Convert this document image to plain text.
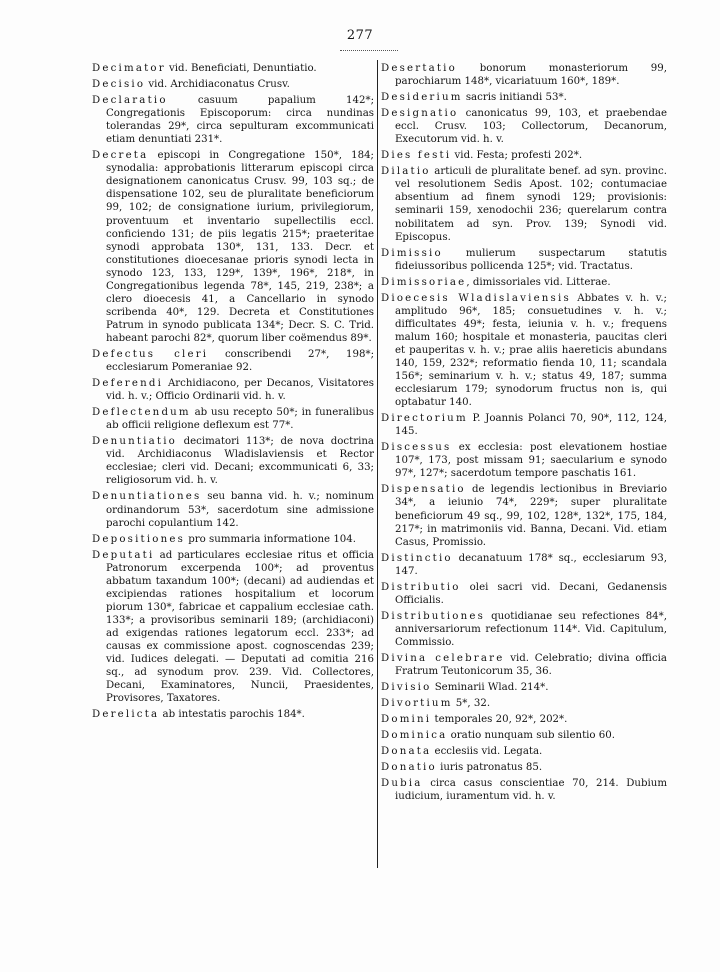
277

Decimator vid. Beneficiati, Denuntiatio.

Decisio vid. Archidiaconatus Crusv.

Declaratio casuum papalium 142*; Congregationis Episcoporum: circa nundinas tolerandas 29*, circa sepulturam excommunicati etiam denuntiati 231*.

Decreta episcopi in Congregatione 150*, 184; synodalia: approbationis litterarum episcopi circa designationem canonicatus Crusv. 99, 103 sq.; de dispensatione 102, seu de pluralitate beneficiorum 99, 102; de consignatione iurium, privilegiorum, proventuum et inventario supellectilis eccl. conficiendo 131; de piis legatis 215*; praeteritae synodi approbata 130*, 131, 133. Decr. et constitutiones dioecesanae prioris synodi lecta in synodo 123, 133, 129*, 139*, 196*, 218*, in Congregationibus legenda 78*, 145, 219, 238*; a clero dioecesis 41, a Cancellario in synodo scribenda 40*, 129. Decreta et Constitutiones Patrum in synodo publicata 134*; Decr. S. C. Trid. habeant parochi 82*, quorum liber coëmendus 89*.

Defectus cleri conscribendi 27*, 198*; ecclesiarum Pomeraniae 92.

Deferendi Archidiacono, per Decanos, Visitatores vid. h. v.; Officio Ordinarii vid. h. v.

Deflectendum ab usu recepto 50*; in funeralibus ab officii religione deflexum est 77*.

Denuntiatio decimatori 113*; de nova doctrina vid. Archidiaconus Wladislaviensis et Rector ecclesiae; cleri vid. Decani; excommunicati 6, 33; religiosorum vid. h. v.

Denuntiationes seu banna vid. h. v.; nominum ordinandorum 53*, sacerdotum sine admissione parochi copulantium 142.

Depositiones pro summaria informatione 104.

Deputati ad particulares ecclesiae ritus et officia Patronorum excerpenda 100*; ad proventus abbatum taxandum 100*; (decani) ad audiendas et excipiendas rationes hospitalium et locorum piorum 130*, fabricae et cappalium ecclesiae cath. 133*; a provisoribus seminarii 189; (archidiaconi) ad exigendas rationes legatorum eccl. 233*; ad causas ex commissione apost. cognoscendas 239; vid. Iudices delegati. — Deputati ad comitia 216 sq., ad synodum prov. 239. Vid. Collectores, Decani, Examinatores, Nuncii, Praesidentes, Provisores, Taxatores.

Derelicta ab intestatis parochis 184*.

Desertatio bonorum monasteriorum 99, parochiarum 148*, vicariatuum 160*, 189*.

Desiderium sacris initiandi 53*.

Designatio canonicatus 99, 103, et praebendae eccl. Crusv. 103; Collectorum, Decanorum, Executorum vid. h. v.

Dies festi vid. Festa; profesti 202*.

Dilatio articuli de pluralitate benef. ad syn. provinc. vel resolutionem Sedis Apost. 102; contumaciae absentium ad finem synodi 129; provisionis: seminarii 159, xenodochii 236; querelarum contra nobilitatem ad syn. Prov. 139; Synodi vid. Episcopus.

Dimissio mulierum suspectarum statutis fideiussoribus pollicenda 125*; vid. Tractatus.

Dimissoriae, dimissoriales vid. Litterae.

Dioecesis Wladislaviensis Abbates v. h. v.; amplitudo 96*, 185; consuetudines v. h. v.; difficultates 49*; festa, ieiunia v. h. v.; frequens malum 160; hospitale et monasteria, paucitas cleri et pauperitas v. h. v.; prae aliis haereticis abundans 140, 159, 232*; reformatio fienda 10, 11; scandala 156*; seminarium v. h. v.; status 49, 187; summa ecclesiarum 179; synodorum fructus non is, qui optabatur 140.

Directorium P. Joannis Polanci 70, 90*, 112, 124, 145.

Discessus ex ecclesia: post elevationem hostiae 107*, 173, post missam 91; saecularium e synodo 97*, 127*; sacerdotum tempore paschatis 161.

Dispensatio de legendis lectionibus in Breviario 34*, a ieiunio 74*, 229*; super pluralitate beneficiorum 49 sq., 99, 102, 128*, 132*, 175, 184, 217*; in matrimoniis vid. Banna, Decani. Vid. etiam Casus, Promissio.

Distinctio decanatuum 178* sq., ecclesiarum 93, 147.

Distributio olei sacri vid. Decani, Gedanensis Officialis.

Distributiones quotidianae seu refectiones 84*, anniversariorum refectionum 114*. Vid. Capitulum, Commissio.

Divina celebrare vid. Celebratio; divina officia Fratrum Teutonicorum 35, 36.

Divisio Seminarii Wlad. 214*.

Divortium 5*, 32.

Domini temporales 20, 92*, 202*.

Dominica oratio nunquam sub silentio 60.

Donata ecclesiis vid. Legata.

Donatio iuris patronatus 85.

Dubia circa casus conscientiae 70, 214. Dubium iudicium, iuramentum vid. h. v.
